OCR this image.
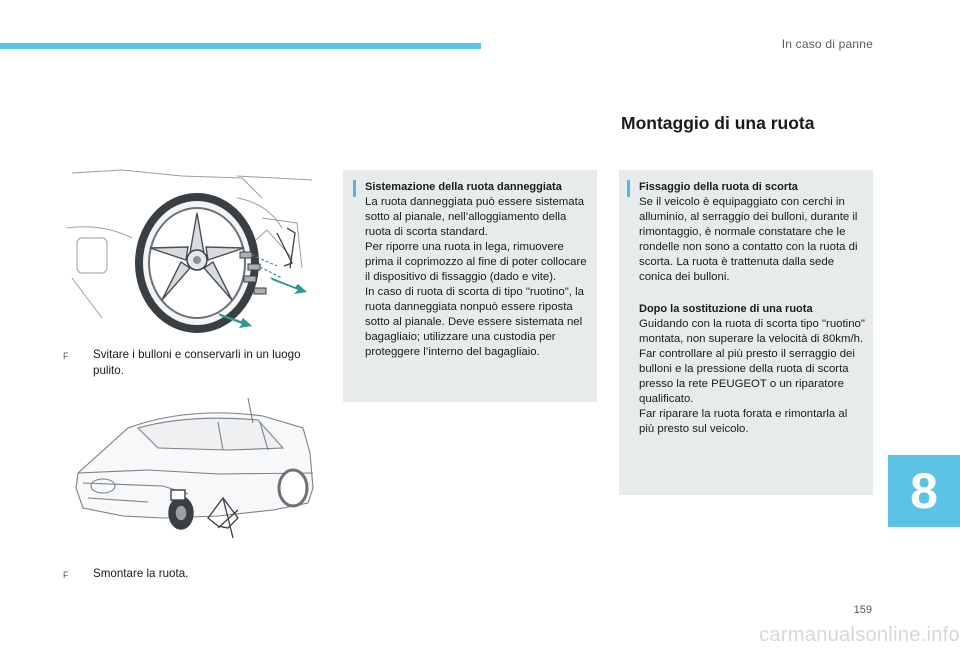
In caso di panne
Montaggio di una ruota
F	Svitare i bulloni e conservarli in un luogo pulito.
F	Smontare la ruota.
Sistemazione della ruota danneggiata
La ruota danneggiata può essere sistemata sotto al pianale, nell’alloggiamento della ruota di scorta standard.
Per riporre una ruota in lega, rimuovere prima il coprimozzo al fine di poter collocare il dispositivo di fissaggio (dado e vite).
In caso di ruota di scorta di tipo "ruotino", la ruota danneggiata nonpuò essere riposta sotto al pianale. Deve essere sistemata nel bagagliaio; utilizzare una custodia per proteggere l’interno del bagagliaio.
Fissaggio della ruota di scorta
Se il veicolo è equipaggiato con cerchi in alluminio, al serraggio dei bulloni, durante il rimontaggio, è normale constatare che le rondelle non sono a contatto con la ruota di scorta. La ruota è trattenuta dalla sede conica dei bulloni.
Dopo la sostituzione di una ruota
Guidando con la ruota di scorta tipo "ruotino" montata, non superare la velocità di 80km/h.
Far controllare al più presto il serraggio dei bulloni e la pressione della ruota di scorta presso la rete PEUGEOT o un riparatore qualificato.
Far riparare la ruota forata e rimontarla al più presto sul veicolo.
8
159
carmanualsonline.info
